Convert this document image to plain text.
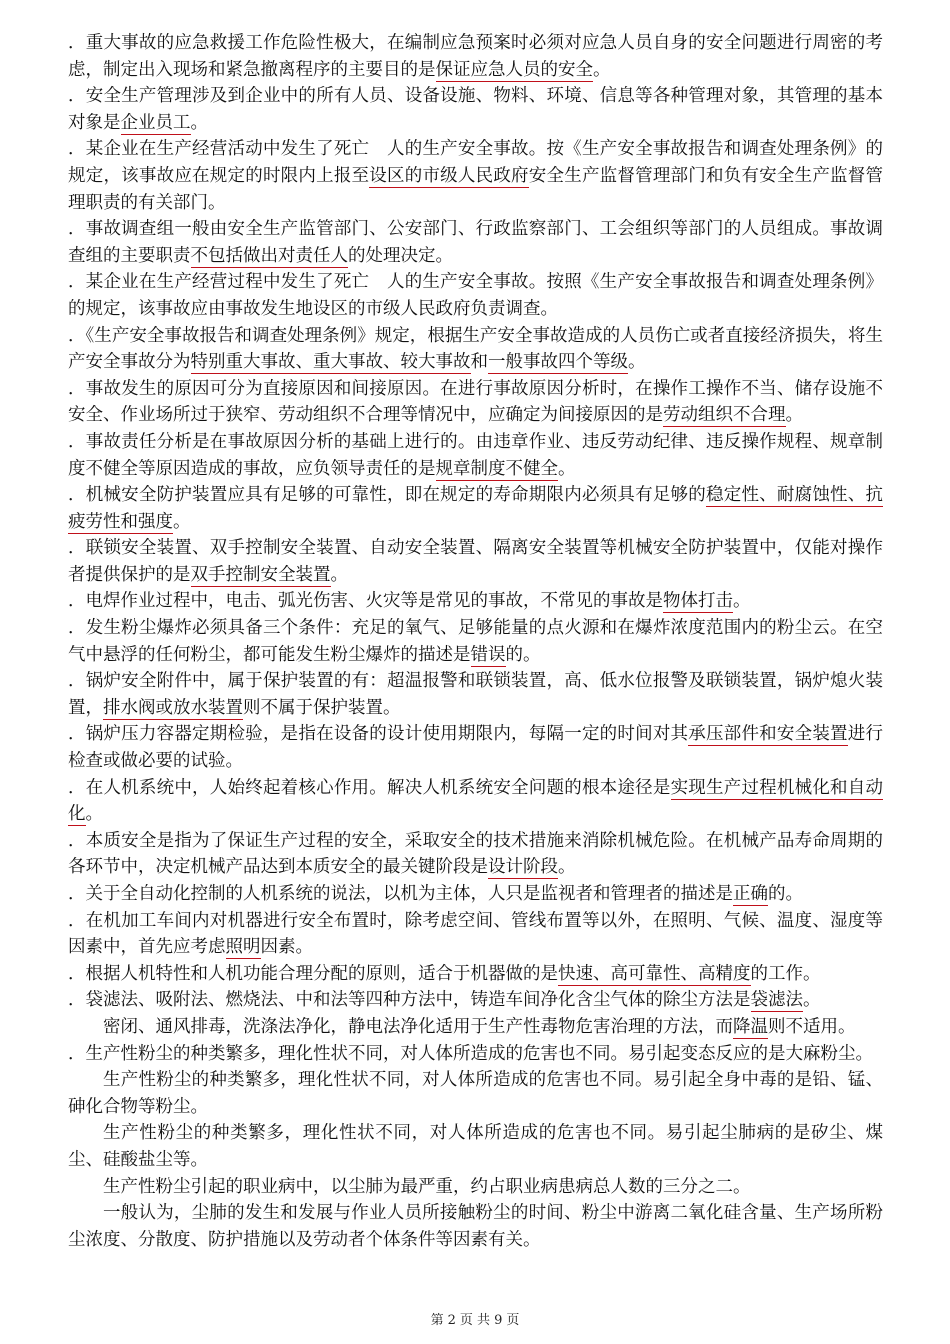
．重大事故的应急救援工作危险性极大，在编制应急预案时必须对应急人员自身的安全问题进行周密的考虑，制定出入现场和紧急撤离程序的主要目的是保证应急人员的安全。

．安全生产管理涉及到企业中的所有人员、设备设施、物料、环境、信息等各种管理对象，其管理的基本对象是企业员工。

．某企业在生产经营活动中发生了死亡　人的生产安全事故。按《生产安全事故报告和调查处理条例》的规定，该事故应在规定的时限内上报至设区的市级人民政府安全生产监督管理部门和负有安全生产监督管理职责的有关部门。

．事故调查组一般由安全生产监管部门、公安部门、行政监察部门、工会组织等部门的人员组成。事故调查组的主要职责不包括做出对责任人的处理决定。

．某企业在生产经营过程中发生了死亡　人的生产安全事故。按照《生产安全事故报告和调查处理条例》的规定，该事故应由事故发生地设区的市级人民政府负责调查。

．《生产安全事故报告和调查处理条例》规定，根据生产安全事故造成的人员伤亡或者直接经济损失，将生产安全事故分为特别重大事故、重大事故、较大事故和一般事故四个等级。

．事故发生的原因可分为直接原因和间接原因。在进行事故原因分析时，在操作工操作不当、储存设施不安全、作业场所过于狭窄、劳动组织不合理等情况中，应确定为间接原因的是劳动组织不合理。

．事故责任分析是在事故原因分析的基础上进行的。由违章作业、违反劳动纪律、违反操作规程、规章制度不健全等原因造成的事故，应负领导责任的是规章制度不健全。

．机械安全防护装置应具有足够的可靠性，即在规定的寿命期限内必须具有足够的稳定性、耐腐蚀性、抗疲劳性和强度。

．联锁安全装置、双手控制安全装置、自动安全装置、隔离安全装置等机械安全防护装置中，仅能对操作者提供保护的是双手控制安全装置。

．电焊作业过程中，电击、弧光伤害、火灾等是常见的事故，不常见的事故是物体打击。

．发生粉尘爆炸必须具备三个条件：充足的氧气、足够能量的点火源和在爆炸浓度范围内的粉尘云。在空气中悬浮的任何粉尘，都可能发生粉尘爆炸的描述是错误的。

．锅炉安全附件中，属于保护装置的有：超温报警和联锁装置，高、低水位报警及联锁装置，锅炉熄火装置，排水阀或放水装置则不属于保护装置。

．锅炉压力容器定期检验，是指在设备的设计使用期限内，每隔一定的时间对其承压部件和安全装置进行检查或做必要的试验。

．在人机系统中，人始终起着核心作用。解决人机系统安全问题的根本途径是实现生产过程机械化和自动化。

．本质安全是指为了保证生产过程的安全，采取安全的技术措施来消除机械危险。在机械产品寿命周期的各环节中，决定机械产品达到本质安全的最关键阶段是设计阶段。

．关于全自动化控制的人机系统的说法，以机为主体，人只是监视者和管理者的描述是正确的。

．在机加工车间内对机器进行安全布置时，除考虑空间、管线布置等以外，在照明、气候、温度、湿度等因素中，首先应考虑照明因素。

．根据人机特性和人机功能合理分配的原则，适合于机器做的是快速、高可靠性、高精度的工作。

．袋滤法、吸附法、燃烧法、中和法等四种方法中，铸造车间净化含尘气体的除尘方法是袋滤法。

密闭、通风排毒，洗涤法净化，静电法净化适用于生产性毒物危害治理的方法，而降温则不适用。

．生产性粉尘的种类繁多，理化性状不同，对人体所造成的危害也不同。易引起变态反应的是大麻粉尘。

生产性粉尘的种类繁多，理化性状不同，对人体所造成的危害也不同。易引起全身中毒的是铅、锰、砷化合物等粉尘。

生产性粉尘的种类繁多，理化性状不同，对人体所造成的危害也不同。易引起尘肺病的是矽尘、煤尘、硅酸盐尘等。

生产性粉尘引起的职业病中，以尘肺为最严重，约占职业病患病总人数的三分之二。

一般认为，尘肺的发生和发展与作业人员所接触粉尘的时间、粉尘中游离二氧化硅含量、生产场所粉尘浓度、分散度、防护措施以及劳动者个体条件等因素有关。

第 2 页 共 9 页
